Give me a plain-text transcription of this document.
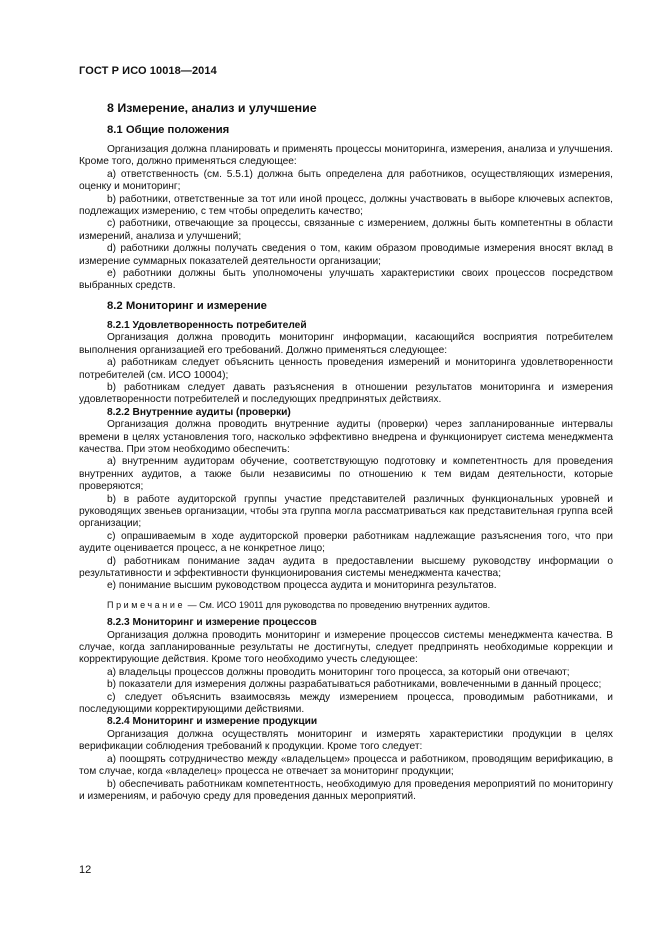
ГОСТ Р ИСО 10018—2014
8 Измерение, анализ и улучшение
8.1 Общие положения

Организация должна планировать и применять процессы мониторинга, измерения, анализа и улучшения. Кроме того, должно применяться следующее:

a) ответственность (см. 5.5.1) должна быть определена для работников, осуществляющих измерения, оценку и мониторинг;

b) работники, ответственные за тот или иной процесс, должны участвовать в выборе ключевых аспектов, подлежащих измерению, с тем чтобы определить качество;

c) работники, отвечающие за процессы, связанные с измерением, должны быть компетентны в области измерений, анализа и улучшений;

d) работники должны получать сведения о том, каким образом проводимые измерения вносят вклад в измерение суммарных показателей деятельности организации;

e) работники должны быть уполномочены улучшать характеристики своих процессов посредством выбранных средств.

8.2 Мониторинг и измерение
8.2.1 Удовлетворенность потребителей

Организация должна проводить мониторинг информации, касающийся восприятия потребителем выполнения организацией его требований. Должно применяться следующее:

a) работникам следует объяснить ценность проведения измерений и мониторинга удовлетворенности потребителей (см. ИСО 10004);

b) работникам следует давать разъяснения в отношении результатов мониторинга и измерения удовлетворенности потребителей и последующих предпринятых действиях.

8.2.2 Внутренние аудиты (проверки)

Организация должна проводить внутренние аудиты (проверки) через запланированные интервалы времени в целях установления того, насколько эффективно внедрена и функционирует система менеджмента качества. При этом необходимо обеспечить:

a) внутренним аудиторам обучение, соответствующую подготовку и компетентность для проведения внутренних аудитов, а также были независимы по отношению к тем видам деятельности, которые проверяются;

b) в работе аудиторской группы участие представителей различных функциональных уровней и руководящих звеньев организации, чтобы эта группа могла рассматриваться как представительная группа всей организации;

c) опрашиваемым в ходе аудиторской проверки работникам надлежащие разъяснения того, что при аудите оценивается процесс, а не конкретное лицо;

d) работникам понимание задач аудита в предоставлении высшему руководству информации о результативности и эффективности функционирования системы менеджмента качества;

e) понимание высшим руководством процесса аудита и мониторинга результатов.

Примечание — См. ИСО 19011 для руководства по проведению внутренних аудитов.

8.2.3 Мониторинг и измерение процессов

Организация должна проводить мониторинг и измерение процессов системы менеджмента качества. В случае, когда запланированные результаты не достигнуты, следует предпринять необходимые коррекции и корректирующие действия. Кроме того необходимо учесть следующее:

a) владельцы процессов должны проводить мониторинг того процесса, за который они отвечают;

b) показатели для измерения должны разрабатываться работниками, вовлеченными в данный процесс;

c) следует объяснить взаимосвязь между измерением процесса, проводимым работниками, и последующими корректирующими действиями.

8.2.4 Мониторинг и измерение продукции

Организация должна осуществлять мониторинг и измерять характеристики продукции в целях верификации соблюдения требований к продукции. Кроме того следует:

a) поощрять сотрудничество между «владельцем» процесса и работником, проводящим верификацию, в том случае, когда «владелец» процесса не отвечает за мониторинг продукции;

b) обеспечивать работникам компетентность, необходимую для проведения мероприятий по мониторингу и измерениям, и рабочую среду для проведения данных мероприятий.

12
